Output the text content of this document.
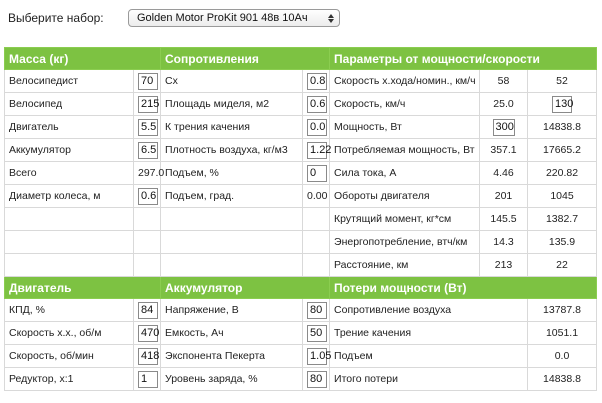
Выберите набор:	Golden Motor ProKit 901 48в 10Ач
Масса (кг)		Сопротивления		Параметры от мощности/скорости		
Велосипедист	70	Cx	0.8	Скорость х.хода/номин., км/ч	58	52
Велосипед	215	Площадь миделя, м2	0.6	Скорость, км/ч	25.0	130
Двигатель	5.5	К трения качения	0.0	Мощность, Вт	300	14838.8
Аккумулятор	6.5	Плотность воздуха, кг/м3	1.22	Потребляемая мощность, Вт	357.1	17665.2
Всего	297.0	Подъем, %	0	Сила тока, А	4.46	220.82
Диаметр колеса, м	0.6	Подъем, град.	0.00	Обороты двигателя	201	1045
				Крутящий момент, кг*см	145.5	1382.7
				Энергопотребление, втч/км	14.3	135.9
				Расстояние, км	213	22
Двигатель		Аккумулятор		Потери мощности (Вт)		
КПД, %	84	Напряжение, В	80	Сопротивление воздуха		13787.8
Скорость х.х., об/м	470	Емкость, Ач	50	Трение качения		1051.1
Скорость, об/мин	418	Экспонента Пекерта	1.05	Подъем		0.0
Редуктор, х:1	1	Уровень заряда, %	80	Итого потери		14838.8
